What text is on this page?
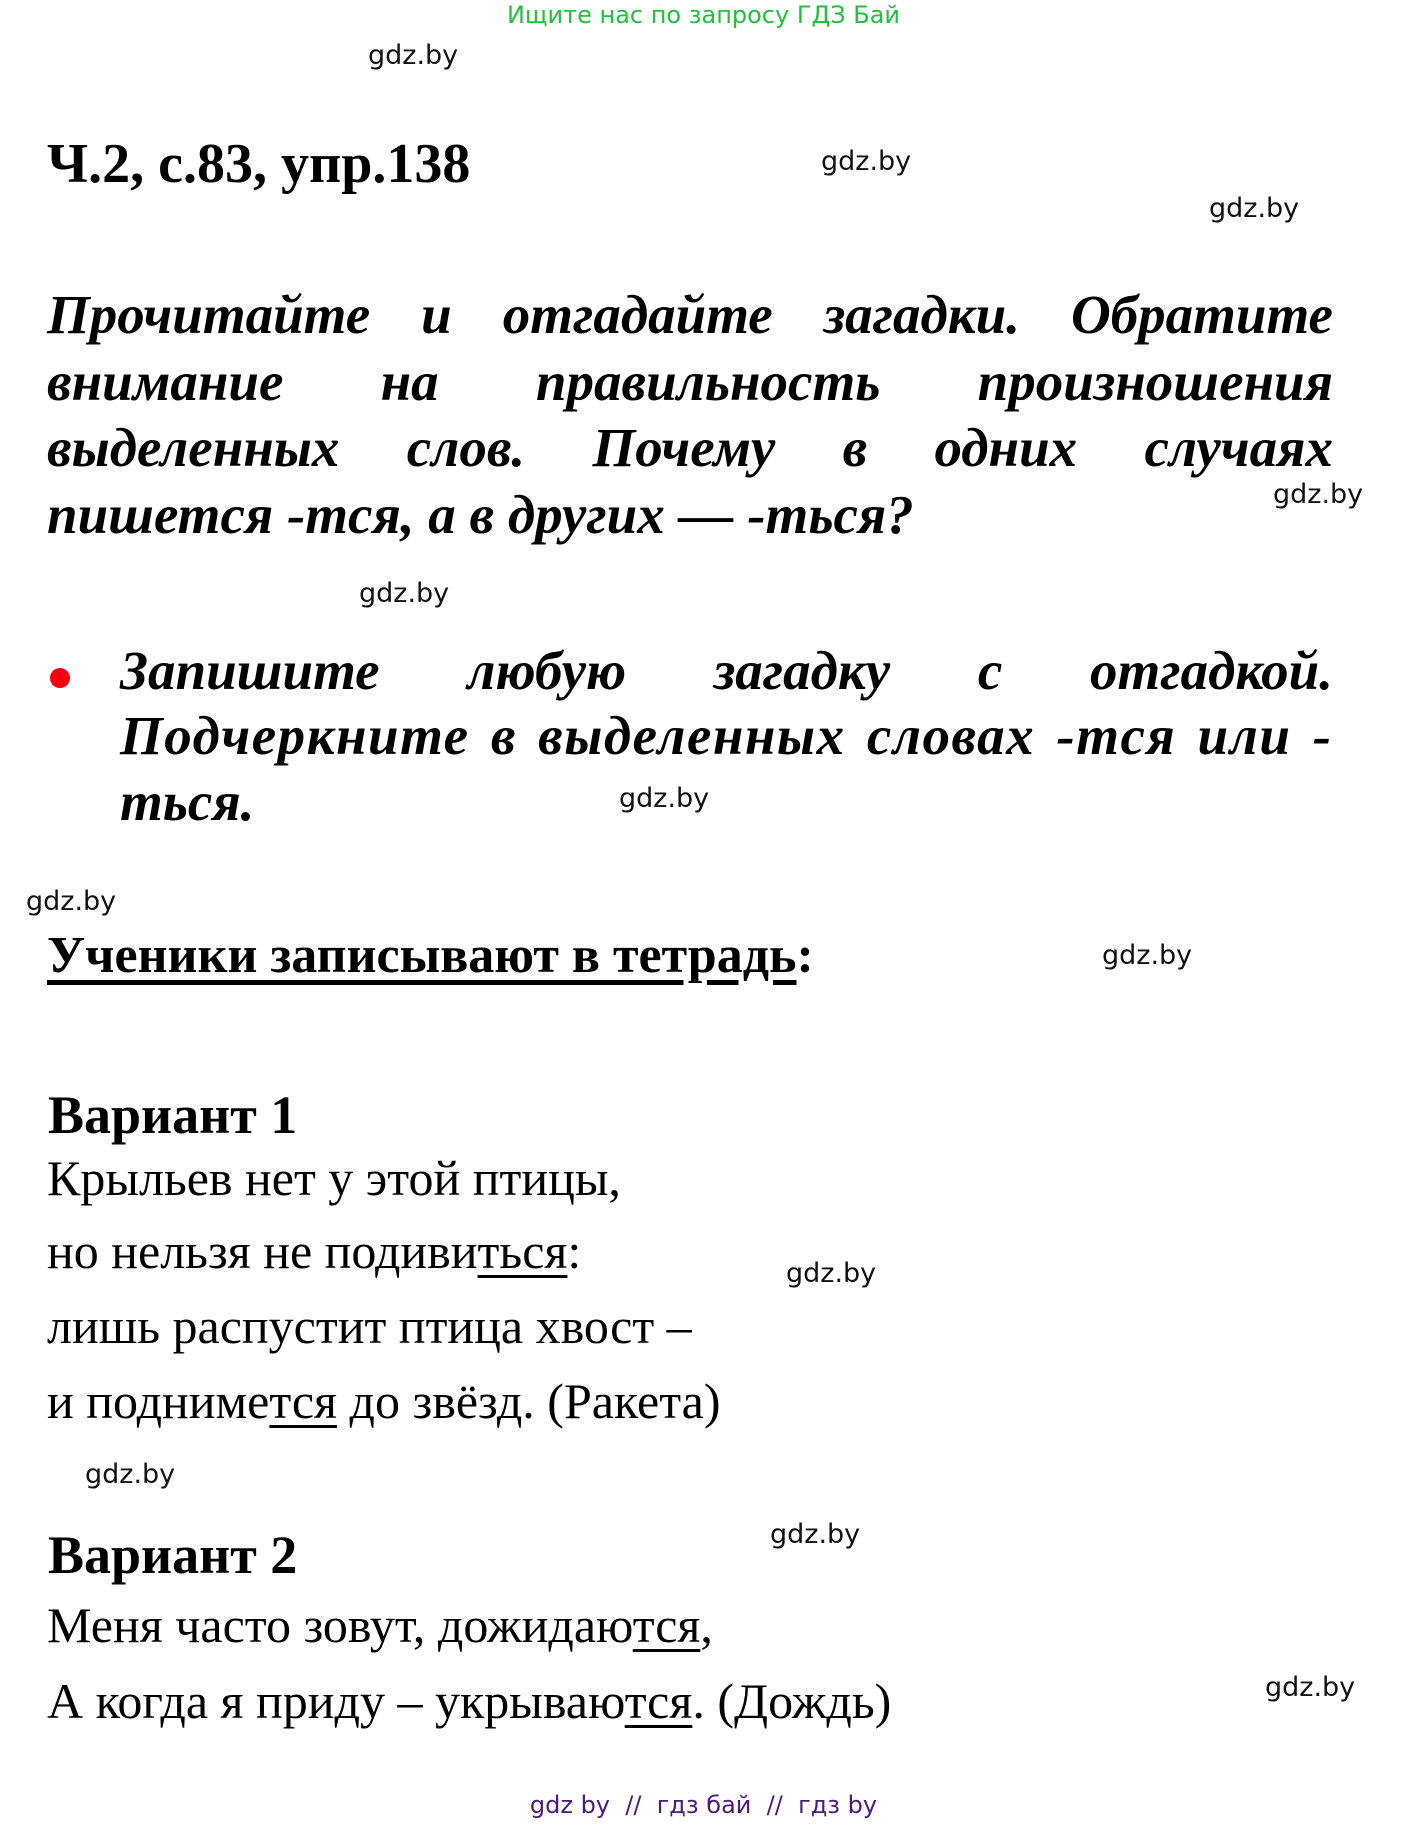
Ищите нас по запросу ГДЗ Бай
gdz.by
gdz.by
gdz.by
gdz.by
gdz.by
gdz.by
gdz.by
gdz.by
gdz.by
gdz.by
gdz.by
gdz.by
Ч.2, с.83, упр.138
Прочитайте и отгадайте загадки. Обратите
внимание на правильность произношения
выделенных слов. Почему в одних случаях
пишется -тся, а в других — -ться?
Запишите любую загадку с отгадкой.
Подчеркните в выделенных словах -тся или -
ться.
Ученики записывают в тетрадь:
Вариант 1
Крыльев нет у этой птицы,
но нельзя не подивиться:
лишь распустит птица хвост –
и поднимeтся до звёзд. (Ракета)
Вариант 2
Меня часто зовут, дожидаются,
А когда я приду – укрываются. (Дождь)
gdz by  //  гдз бай  //  гдз by
